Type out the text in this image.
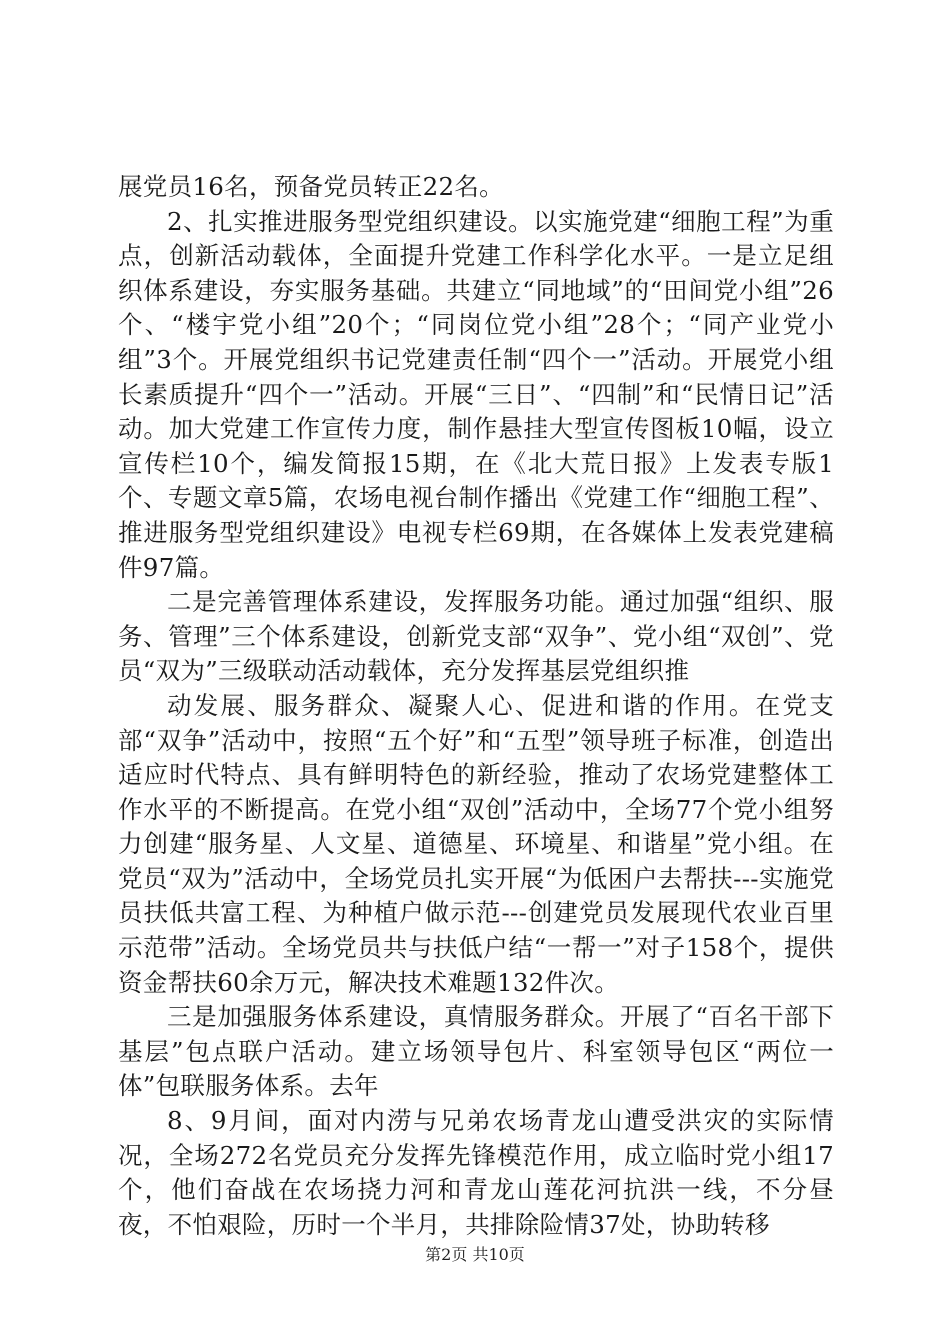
展党员16名，预备党员转正22名。

2、扎实推进服务型党组织建设。以实施党建“细胞工程”为重点，创新活动载体，全面提升党建工作科学化水平。一是立足组织体系建设，夯实服务基础。共建立“同地域”的“田间党小组”26个、“楼宇党小组”20个；“同岗位党小组”28个；“同产业党小组”3个。开展党组织书记党建责任制“四个一”活动。开展党小组长素质提升“四个一”活动。开展“三日”、“四制”和“民情日记”活动。加大党建工作宣传力度，制作悬挂大型宣传图板10幅，设立宣传栏10个，编发简报15期，在《北大荒日报》上发表专版1个、专题文章5篇，农场电视台制作播出《党建工作“细胞工程”、推进服务型党组织建设》电视专栏69期，在各媒体上发表党建稿件97篇。

二是完善管理体系建设，发挥服务功能。通过加强“组织、服务、管理”三个体系建设，创新党支部“双争”、党小组“双创”、党员“双为”三级联动活动载体，充分发挥基层党组织推

动发展、服务群众、凝聚人心、促进和谐的作用。在党支部“双争”活动中，按照“五个好”和“五型”领导班子标准，创造出适应时代特点、具有鲜明特色的新经验，推动了农场党建整体工作水平的不断提高。在党小组“双创”活动中，全场77个党小组努力创建“服务星、人文星、道德星、环境星、和谐星”党小组。在党员“双为”活动中，全场党员扎实开展“为低困户去帮扶---实施党员扶低共富工程、为种植户做示范---创建党员发展现代农业百里示范带”活动。全场党员共与扶低户结“一帮一”对子158个，提供资金帮扶60余万元，解决技术难题132件次。

三是加强服务体系建设，真情服务群众。开展了“百名干部下基层”包点联户活动。建立场领导包片、科室领导包区“两位一体”包联服务体系。去年

8、9月间，面对内涝与兄弟农场青龙山遭受洪灾的实际情况，全场272名党员充分发挥先锋模范作用，成立临时党小组17个，他们奋战在农场挠力河和青龙山莲花河抗洪一线，不分昼夜，不怕艰险，历时一个半月，共排除险情37处，协助转移

第2页 共10页
